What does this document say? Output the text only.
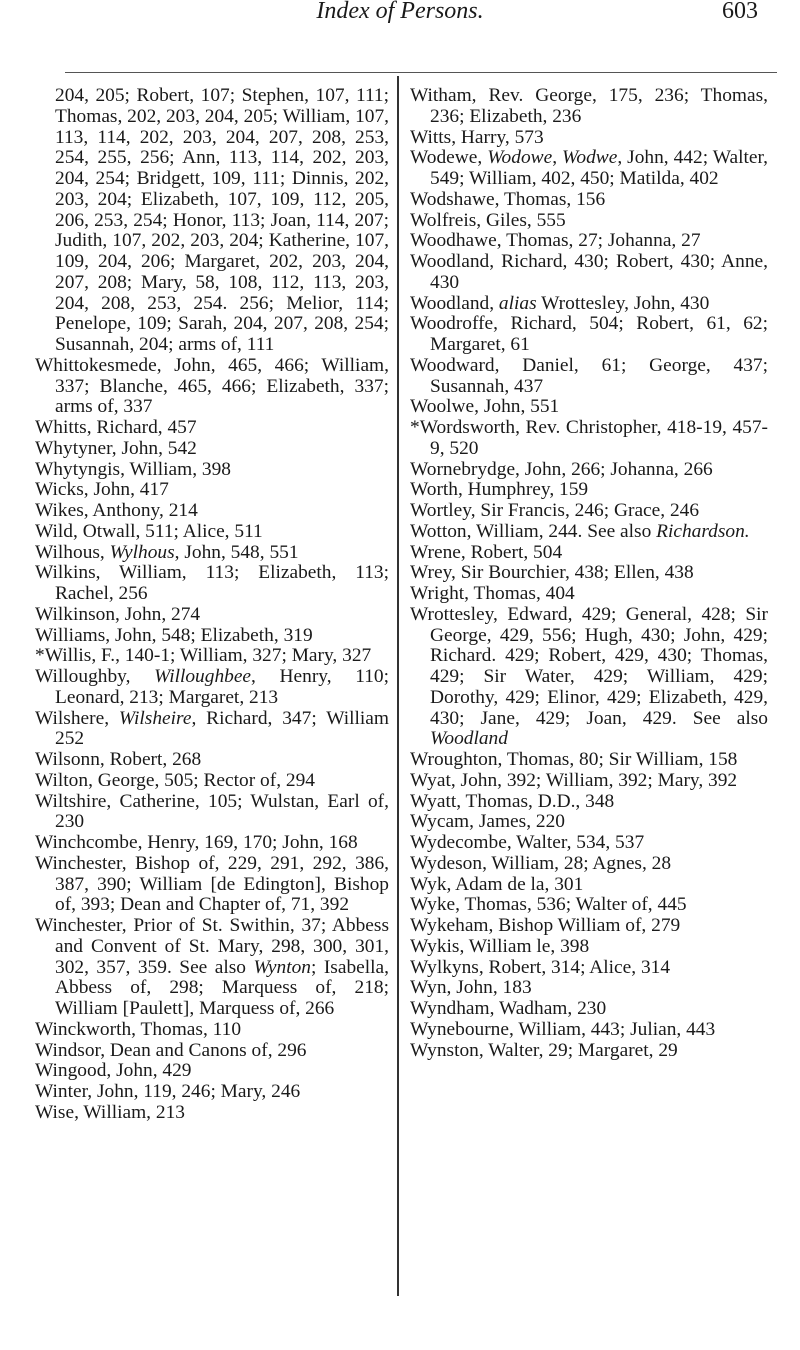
Index of Persons.	603

204, 205; Robert, 107; Stephen, 107, 111; Thomas, 202, 203, 204, 205; William, 107, 113, 114, 202, 203, 204, 207, 208, 253, 254, 255, 256; Ann, 113, 114, 202, 203, 204, 254; Bridgett, 109, 111; Dinnis, 202, 203, 204; Elizabeth, 107, 109, 112, 205, 206, 253, 254; Honor, 113; Joan, 114, 207; Judith, 107, 202, 203, 204; Katherine, 107, 109, 204, 206; Margaret, 202, 203, 204, 207, 208; Mary, 58, 108, 112, 113, 203, 204, 208, 253, 254. 256; Melior, 114; Penelope, 109; Sarah, 204, 207, 208, 254; Susannah, 204; arms of, 111

Whittokesmede, John, 465, 466; William, 337; Blanche, 465, 466; Elizabeth, 337; arms of, 337

Whitts, Richard, 457

Whytyner, John, 542

Whytyngis, William, 398

Wicks, John, 417

Wikes, Anthony, 214

Wild, Otwall, 511; Alice, 511

Wilhous, Wylhous, John, 548, 551

Wilkins, William, 113; Elizabeth, 113; Rachel, 256

Wilkinson, John, 274

Williams, John, 548; Elizabeth, 319

*Willis, F., 140-1; William, 327; Mary, 327

Willoughby, Willoughbee, Henry, 110; Leonard, 213; Margaret, 213

Wilshere, Wilsheire, Richard, 347; William 252

Wilsonn, Robert, 268

Wilton, George, 505; Rector of, 294

Wiltshire, Catherine, 105; Wulstan, Earl of, 230

Winchcombe, Henry, 169, 170; John, 168

Winchester, Bishop of, 229, 291, 292, 386, 387, 390; William [de Edington], Bishop of, 393; Dean and Chapter of, 71, 392

Winchester, Prior of St. Swithin, 37; Abbess and Convent of St. Mary, 298, 300, 301, 302, 357, 359. See also Wynton; Isabella, Abbess of, 298; Marquess of, 218; William [Paulett], Marquess of, 266

Winckworth, Thomas, 110

Windsor, Dean and Canons of, 296

Wingood, John, 429

Winter, John, 119, 246; Mary, 246

Wise, William, 213

Witham, Rev. George, 175, 236; Thomas, 236; Elizabeth, 236

Witts, Harry, 573

Wodewe, Wodowe, Wodwe, John, 442; Walter, 549; William, 402, 450; Matilda, 402

Wodshawe, Thomas, 156

Wolfreis, Giles, 555

Woodhawe, Thomas, 27; Johanna, 27

Woodland, Richard, 430; Robert, 430; Anne, 430

Woodland, alias Wrottesley, John, 430

Woodroffe, Richard, 504; Robert, 61, 62; Margaret, 61

Woodward, Daniel, 61; George, 437; Susannah, 437

Woolwe, John, 551

*Wordsworth, Rev. Christopher, 418-19, 457-9, 520

Wornebrydge, John, 266; Johanna, 266

Worth, Humphrey, 159

Wortley, Sir Francis, 246; Grace, 246

Wotton, William, 244. See also Richardson.

Wrene, Robert, 504

Wrey, Sir Bourchier, 438; Ellen, 438

Wright, Thomas, 404

Wrottesley, Edward, 429; General, 428; Sir George, 429, 556; Hugh, 430; John, 429; Richard. 429; Robert, 429, 430; Thomas, 429; Sir Water, 429; William, 429; Dorothy, 429; Elinor, 429; Elizabeth, 429, 430; Jane, 429; Joan, 429. See also Woodland

Wroughton, Thomas, 80; Sir William, 158

Wyat, John, 392; William, 392; Mary, 392

Wyatt, Thomas, D.D., 348

Wycam, James, 220

Wydecombe, Walter, 534, 537

Wydeson, William, 28; Agnes, 28

Wyk, Adam de la, 301

Wyke, Thomas, 536; Walter of, 445

Wykeham, Bishop William of, 279

Wykis, William le, 398

Wylkyns, Robert, 314; Alice, 314

Wyn, John, 183

Wyndham, Wadham, 230

Wynebourne, William, 443; Julian, 443

Wynston, Walter, 29; Margaret, 29
